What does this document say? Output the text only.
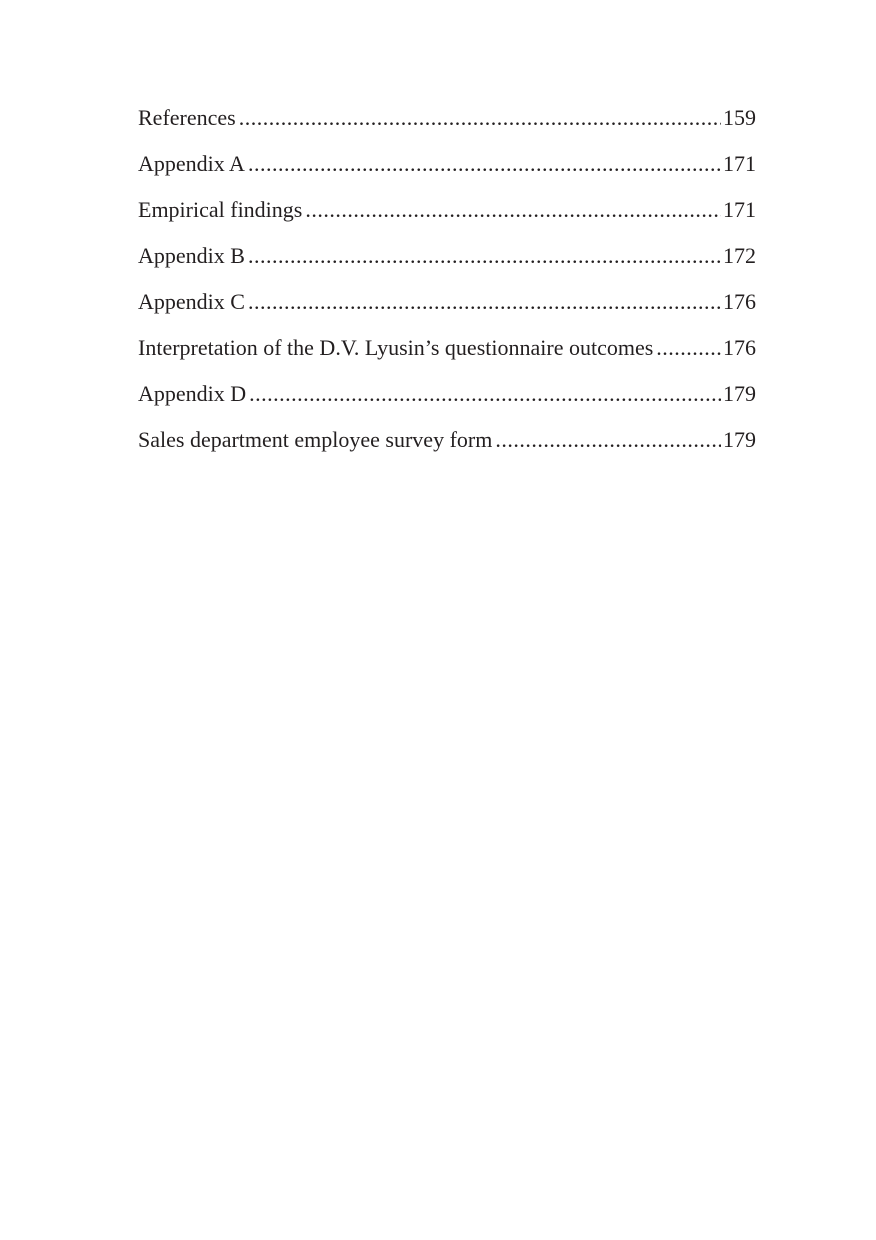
References .....	159
Appendix A .....	171
Empirical findings .....	171
Appendix B .....	172
Appendix C .....	176
Interpretation of the D.V. Lyusin’s questionnaire outcomes .....	176
Appendix D .....	179
Sales department employee survey form .....	179
